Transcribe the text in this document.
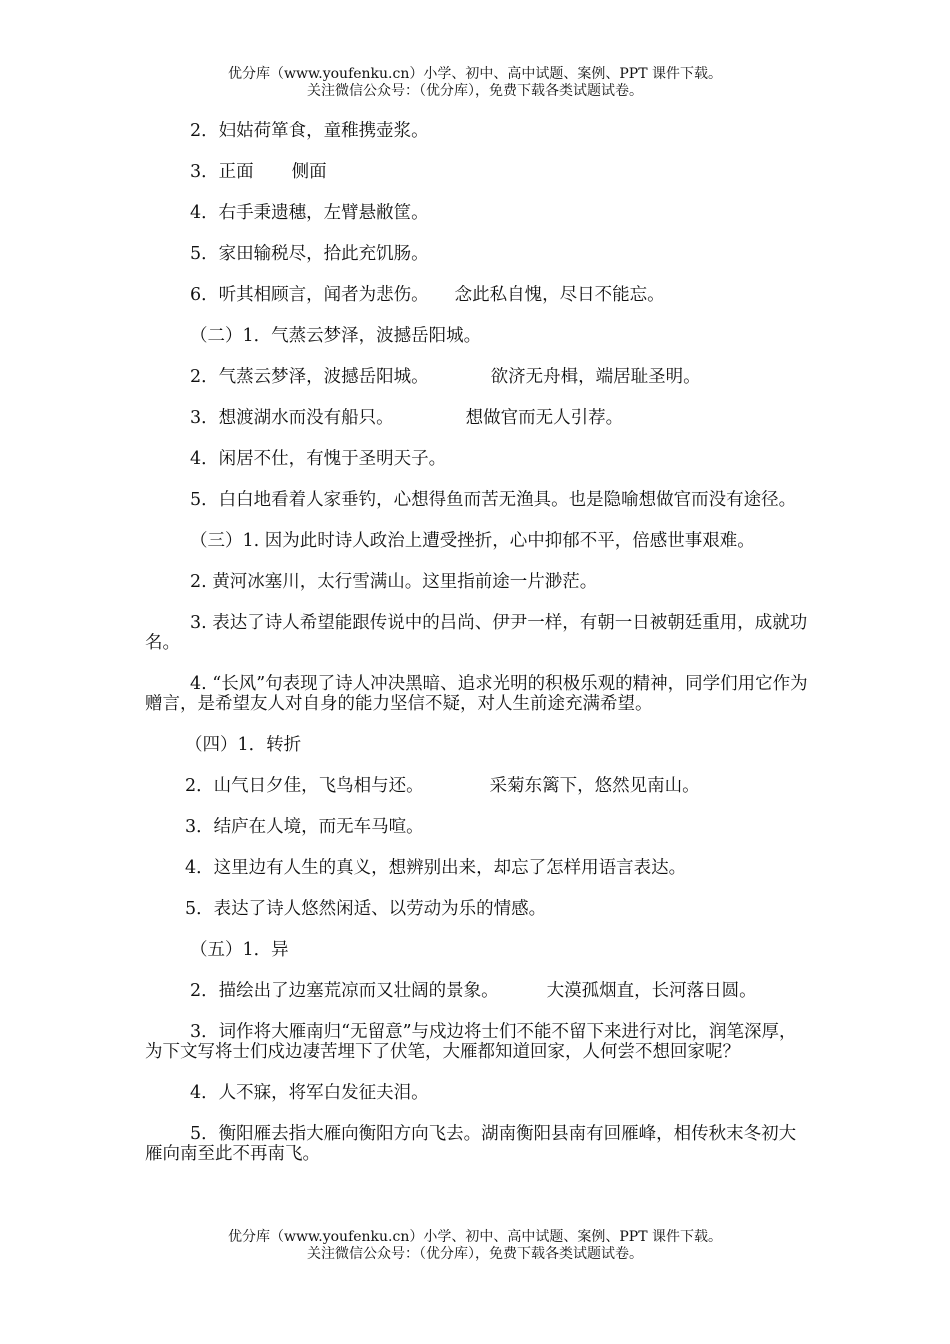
优分库（www.youfenku.cn）小学、初中、高中试题、案例、PPT 课件下载。
关注微信公众号：（优分库），免费下载各类试题试卷。

2．妇姑荷箪食，童稚携壶浆。

3．正面 侧面

4．右手秉遗穗，左臂悬敝筐。

5．家田输税尽，拾此充饥肠。

6．听其相顾言，闻者为悲伤。 念此私自愧，尽日不能忘。

（二）1．气蒸云梦泽，波撼岳阳城。

2．气蒸云梦泽，波撼岳阳城。	欲济无舟楫，端居耻圣明。

3．想渡湖水而没有船只。	想做官而无人引荐。

4．闲居不仕，有愧于圣明天子。

5．白白地看着人家垂钓，心想得鱼而苦无渔具。也是隐喻想做官而没有途径。

（三）1. 因为此时诗人政治上遭受挫折，心中抑郁不平，倍感世事艰难。

2. 黄河冰塞川，太行雪满山。这里指前途一片渺茫。

3. 表达了诗人希望能跟传说中的吕尚、伊尹一样，有朝一日被朝廷重用，成就功名。

4. “长风”句表现了诗人冲决黑暗、追求光明的积极乐观的精神，同学们用它作为赠言，是希望友人对自身的能力坚信不疑，对人生前途充满希望。

（四）1．转折

2．山气日夕佳，飞鸟相与还。	采菊东篱下，悠然见南山。

3．结庐在人境，而无车马喧。

4．这里边有人生的真义，想辨别出来，却忘了怎样用语言表达。

5．表达了诗人悠然闲适、以劳动为乐的情感。

（五）1．异

2．描绘出了边塞荒凉而又壮阔的景象。	大漠孤烟直，长河落日圆。

3．词作将大雁南归“无留意”与戍边将士们不能不留下来进行对比，润笔深厚，为下文写将士们戍边凄苦埋下了伏笔，大雁都知道回家，人何尝不想回家呢？

4．人不寐，将军白发征夫泪。

5．衡阳雁去指大雁向衡阳方向飞去。湖南衡阳县南有回雁峰，相传秋末冬初大雁向南至此不再南飞。

优分库（www.youfenku.cn）小学、初中、高中试题、案例、PPT 课件下载。
关注微信公众号：（优分库），免费下载各类试题试卷。
